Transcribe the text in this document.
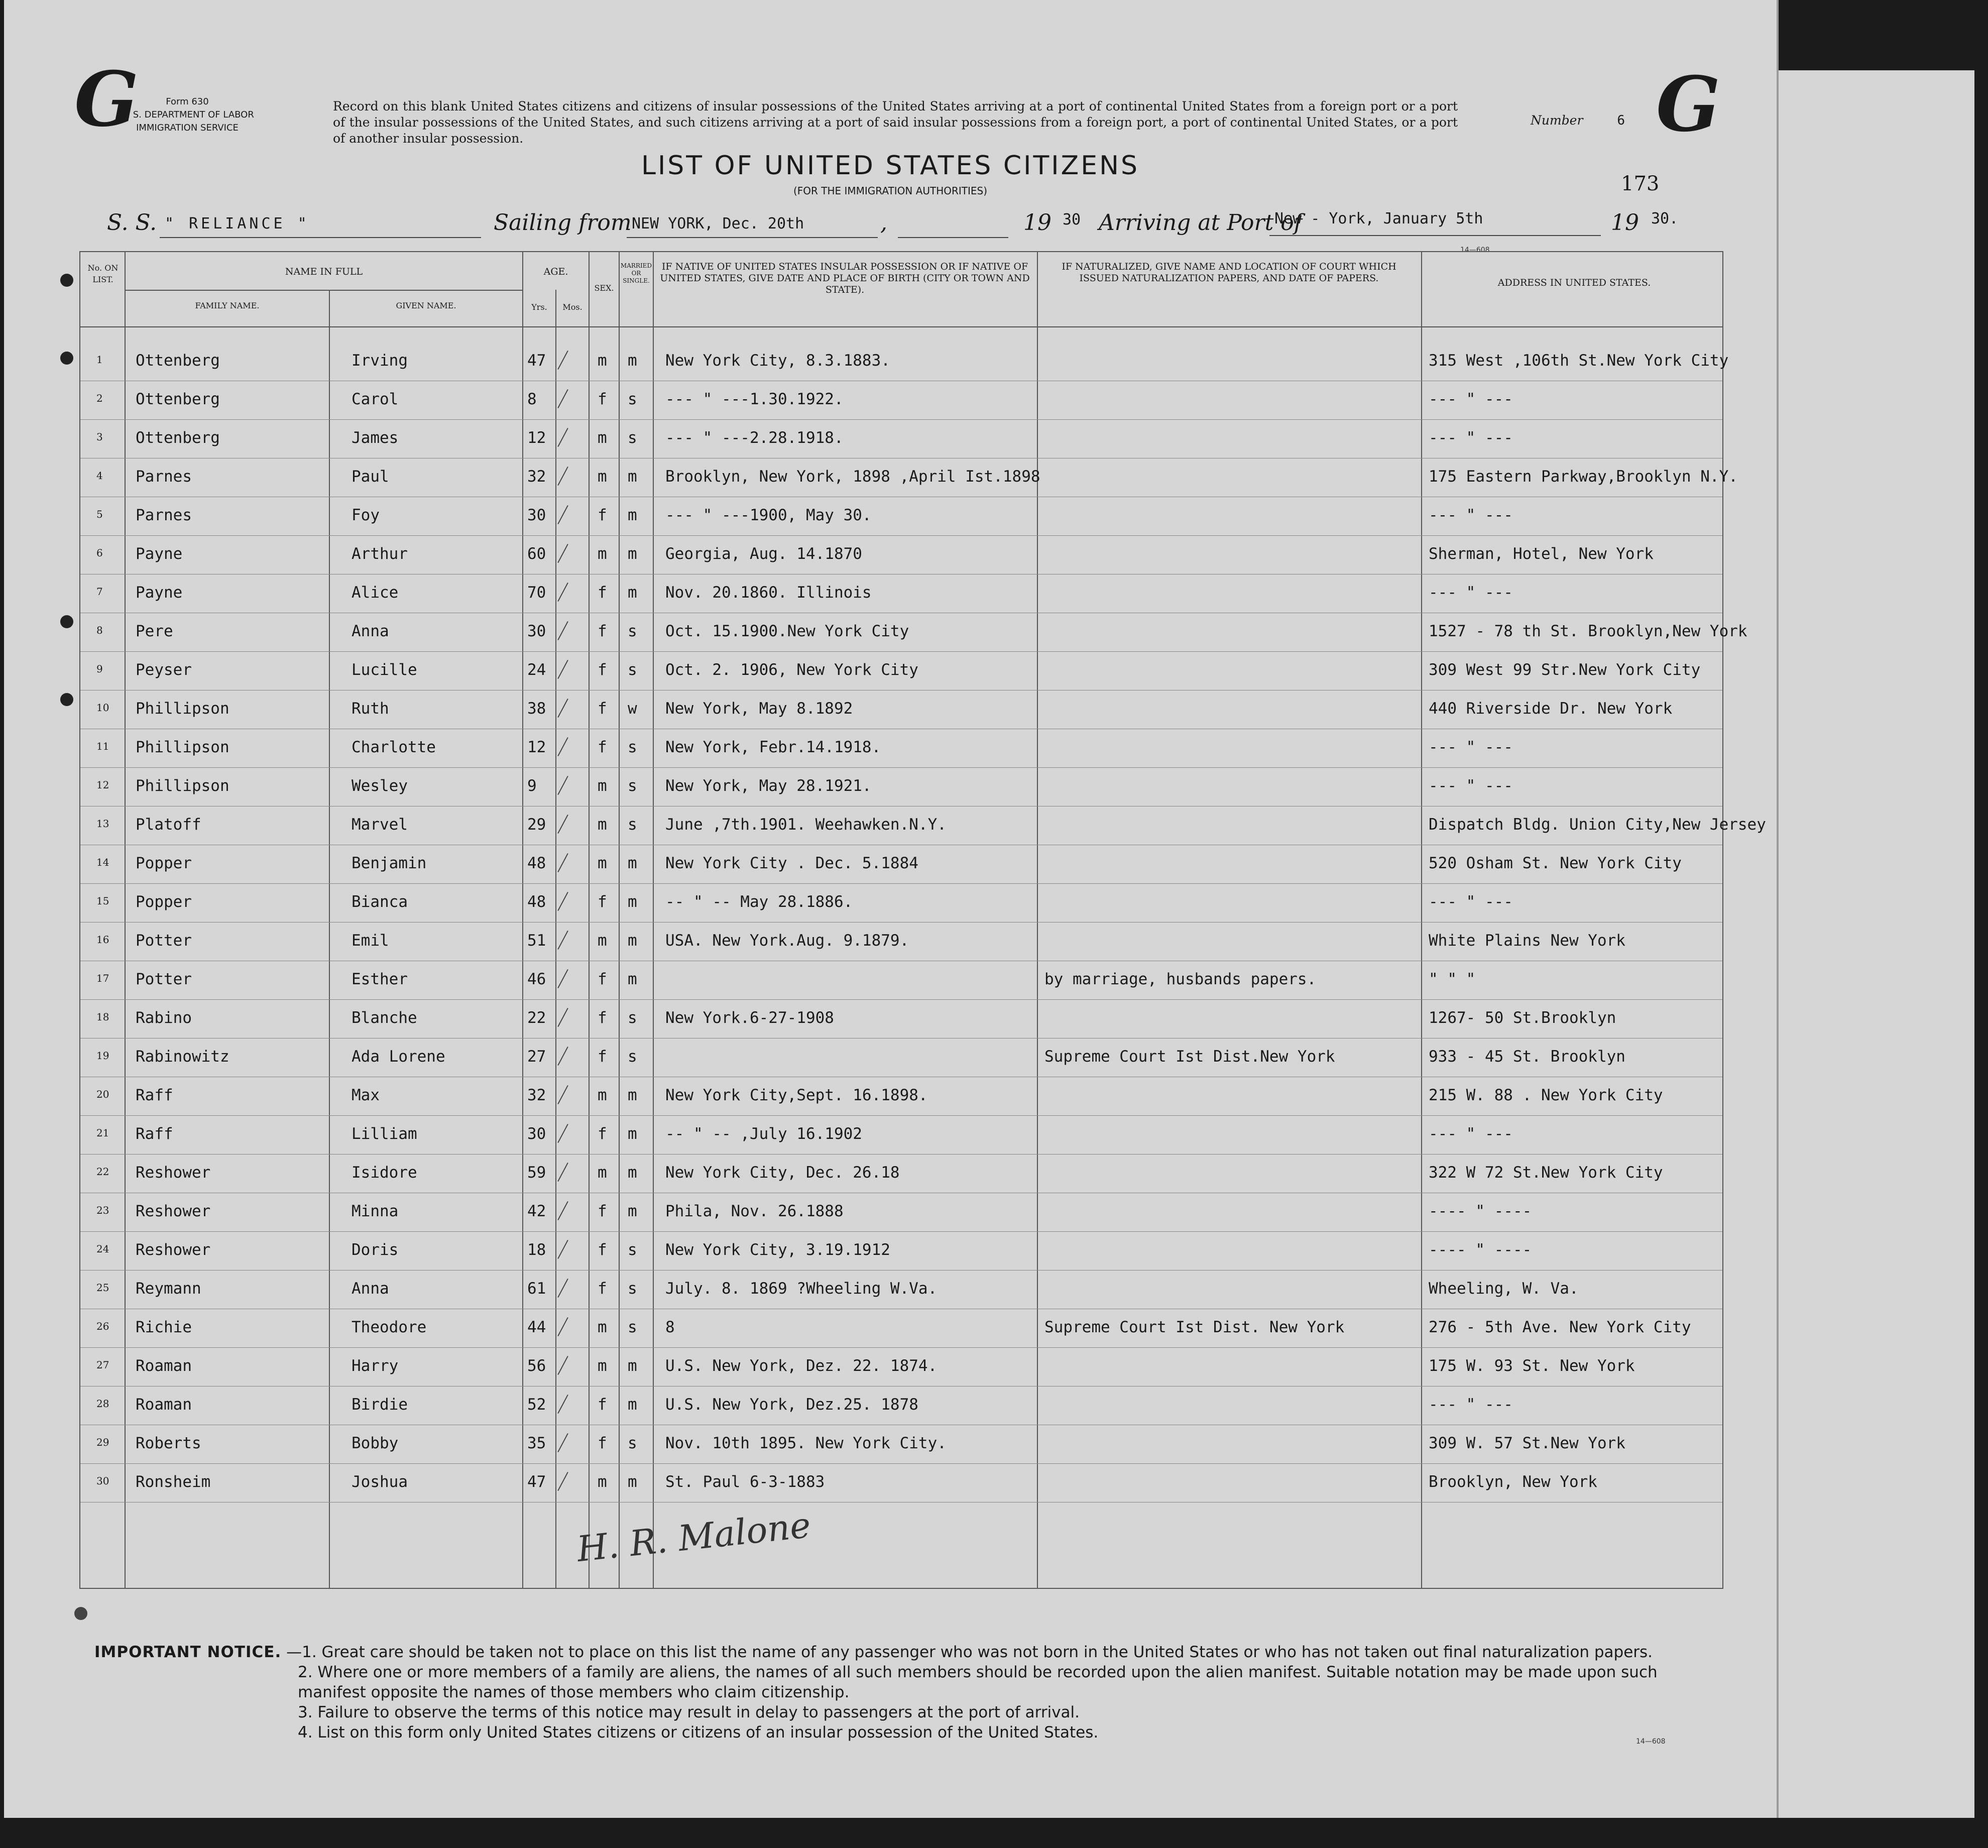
G	G
Form 630
U. S. DEPARTMENT OF LABOR
IMMIGRATION SERVICE
Record on this blank United States citizens and citizens of insular possessions of the United States arriving at a port of continental United States from a foreign port or a port of the insular possessions of the United States, and such citizens arriving at a port of said insular possessions from a foreign port, a port of continental United States, or a port of another insular possession.
Number	6
LIST OF UNITED STATES CITIZENS
(FOR THE IMMIGRATION AUTHORITIES)	173
S. S. " RELIANCE "	Sailing from NEW YORK, Dec. 20th	,	19 30 Arriving at Port of
New - York, January 5th	19 30.
14—608
No. ON LIST.
NAME IN FULL
FAMILY NAME.	GIVEN NAME.
AGE.
Yrs.	Mos.
SEX.
MARRIED OR SINGLE.
IF NATIVE OF UNITED STATES INSULAR POSSESSION OR IF NATIVE OF UNITED STATES, GIVE DATE AND PLACE OF BIRTH (CITY OR TOWN AND STATE).
IF NATURALIZED, GIVE NAME AND LOCATION OF COURT WHICH ISSUED NATURALIZATION PAPERS, AND DATE OF PAPERS.	ADDRESS IN UNITED STATES.
1 Ottenberg	Irving	47	m m New York City, 8.3.1883.	315 West ,106th St.New York City
2 Ottenberg	Carol	8	f s --- " ---1.30.1922.	--- " ---
3 Ottenberg	James	12	m s --- " ---2.28.1918.	--- " ---
4 Parnes	Paul	32	m m Brooklyn, New York, 1898 ,April Ist.1898	175 Eastern Parkway,Brooklyn N.Y.
5 Parnes	Foy	30	f m --- " ---1900, May 30.	--- " ---
6 Payne	Arthur	60	m m Georgia, Aug. 14.1870	Sherman, Hotel, New York
7 Payne	Alice	70	f m Nov. 20.1860. Illinois	--- " ---
8 Pere	Anna	30	f s Oct. 15.1900.New York City	1527 - 78 th St. Brooklyn,New York
9 Peyser	Lucille	24	f s Oct. 2. 1906, New York City	309 West 99 Str.New York City
10 Phillipson	Ruth	38	f w New York, May 8.1892	440 Riverside Dr. New York
11 Phillipson	Charlotte	12	f s New York, Febr.14.1918.	--- " ---
12 Phillipson	Wesley	9	m s New York, May 28.1921.	--- " ---
13 Platoff	Marvel	29	m s June ,7th.1901. Weehawken.N.Y.	Dispatch Bldg. Union City,New Jersey
14 Popper	Benjamin	48	m m New York City . Dec. 5.1884	520 Osham St. New York City
15 Popper	Bianca	48	f m -- " -- May 28.1886.	--- " ---
16 Potter	Emil	51	m m USA. New York.Aug. 9.1879.	White Plains New York
17 Potter	Esther	46	f m	by marriage, husbands papers.	" " "
18 Rabino	Blanche	22	f s New York.6-27-1908	1267- 50 St.Brooklyn
19 Rabinowitz	Ada Lorene	27	f s	Supreme Court Ist Dist.New York	933 - 45 St. Brooklyn
20 Raff	Max	32	m m New York City,Sept. 16.1898.	215 W. 88 . New York City
21 Raff	Lilliam	30	f m -- " -- ,July 16.1902	--- " ---
22 Reshower	Isidore	59	m m New York City, Dec. 26.18	322 W 72 St.New York City
23 Reshower	Minna	42	f m Phila, Nov. 26.1888	---- " ----
24 Reshower	Doris	18	f s New York City, 3.19.1912	---- " ----
25 Reymann	Anna	61	f s July. 8. 1869 ?Wheeling W.Va.	Wheeling, W. Va.
26 Richie	Theodore	44	m s 8	Supreme Court Ist Dist. New York	276 - 5th Ave. New York City
27 Roaman	Harry	56	m m U.S. New York, Dez. 22. 1874.	175 W. 93 St. New York
28 Roaman	Birdie	52	f m U.S. New York, Dez.25. 1878	--- " ---
29 Roberts	Bobby	35	f s Nov. 10th 1895. New York City.	309 W. 57 St.New York
30 Ronsheim	Joshua	47	m m St. Paul 6-3-1883	Brooklyn, New York
H. R. Malone
IMPORTANT NOTICE. —1. Great care should be taken not to place on this list the name of any passenger who was not born in the United States or who has not taken out final naturalization papers.
2. Where one or more members of a family are aliens, the names of all such members should be recorded upon the alien manifest. Suitable notation may be made upon such manifest opposite the names of those members who claim citizenship.
3. Failure to observe the terms of this notice may result in delay to passengers at the port of arrival.
4. List on this form only United States citizens or citizens of an insular possession of the United States.	14—608
